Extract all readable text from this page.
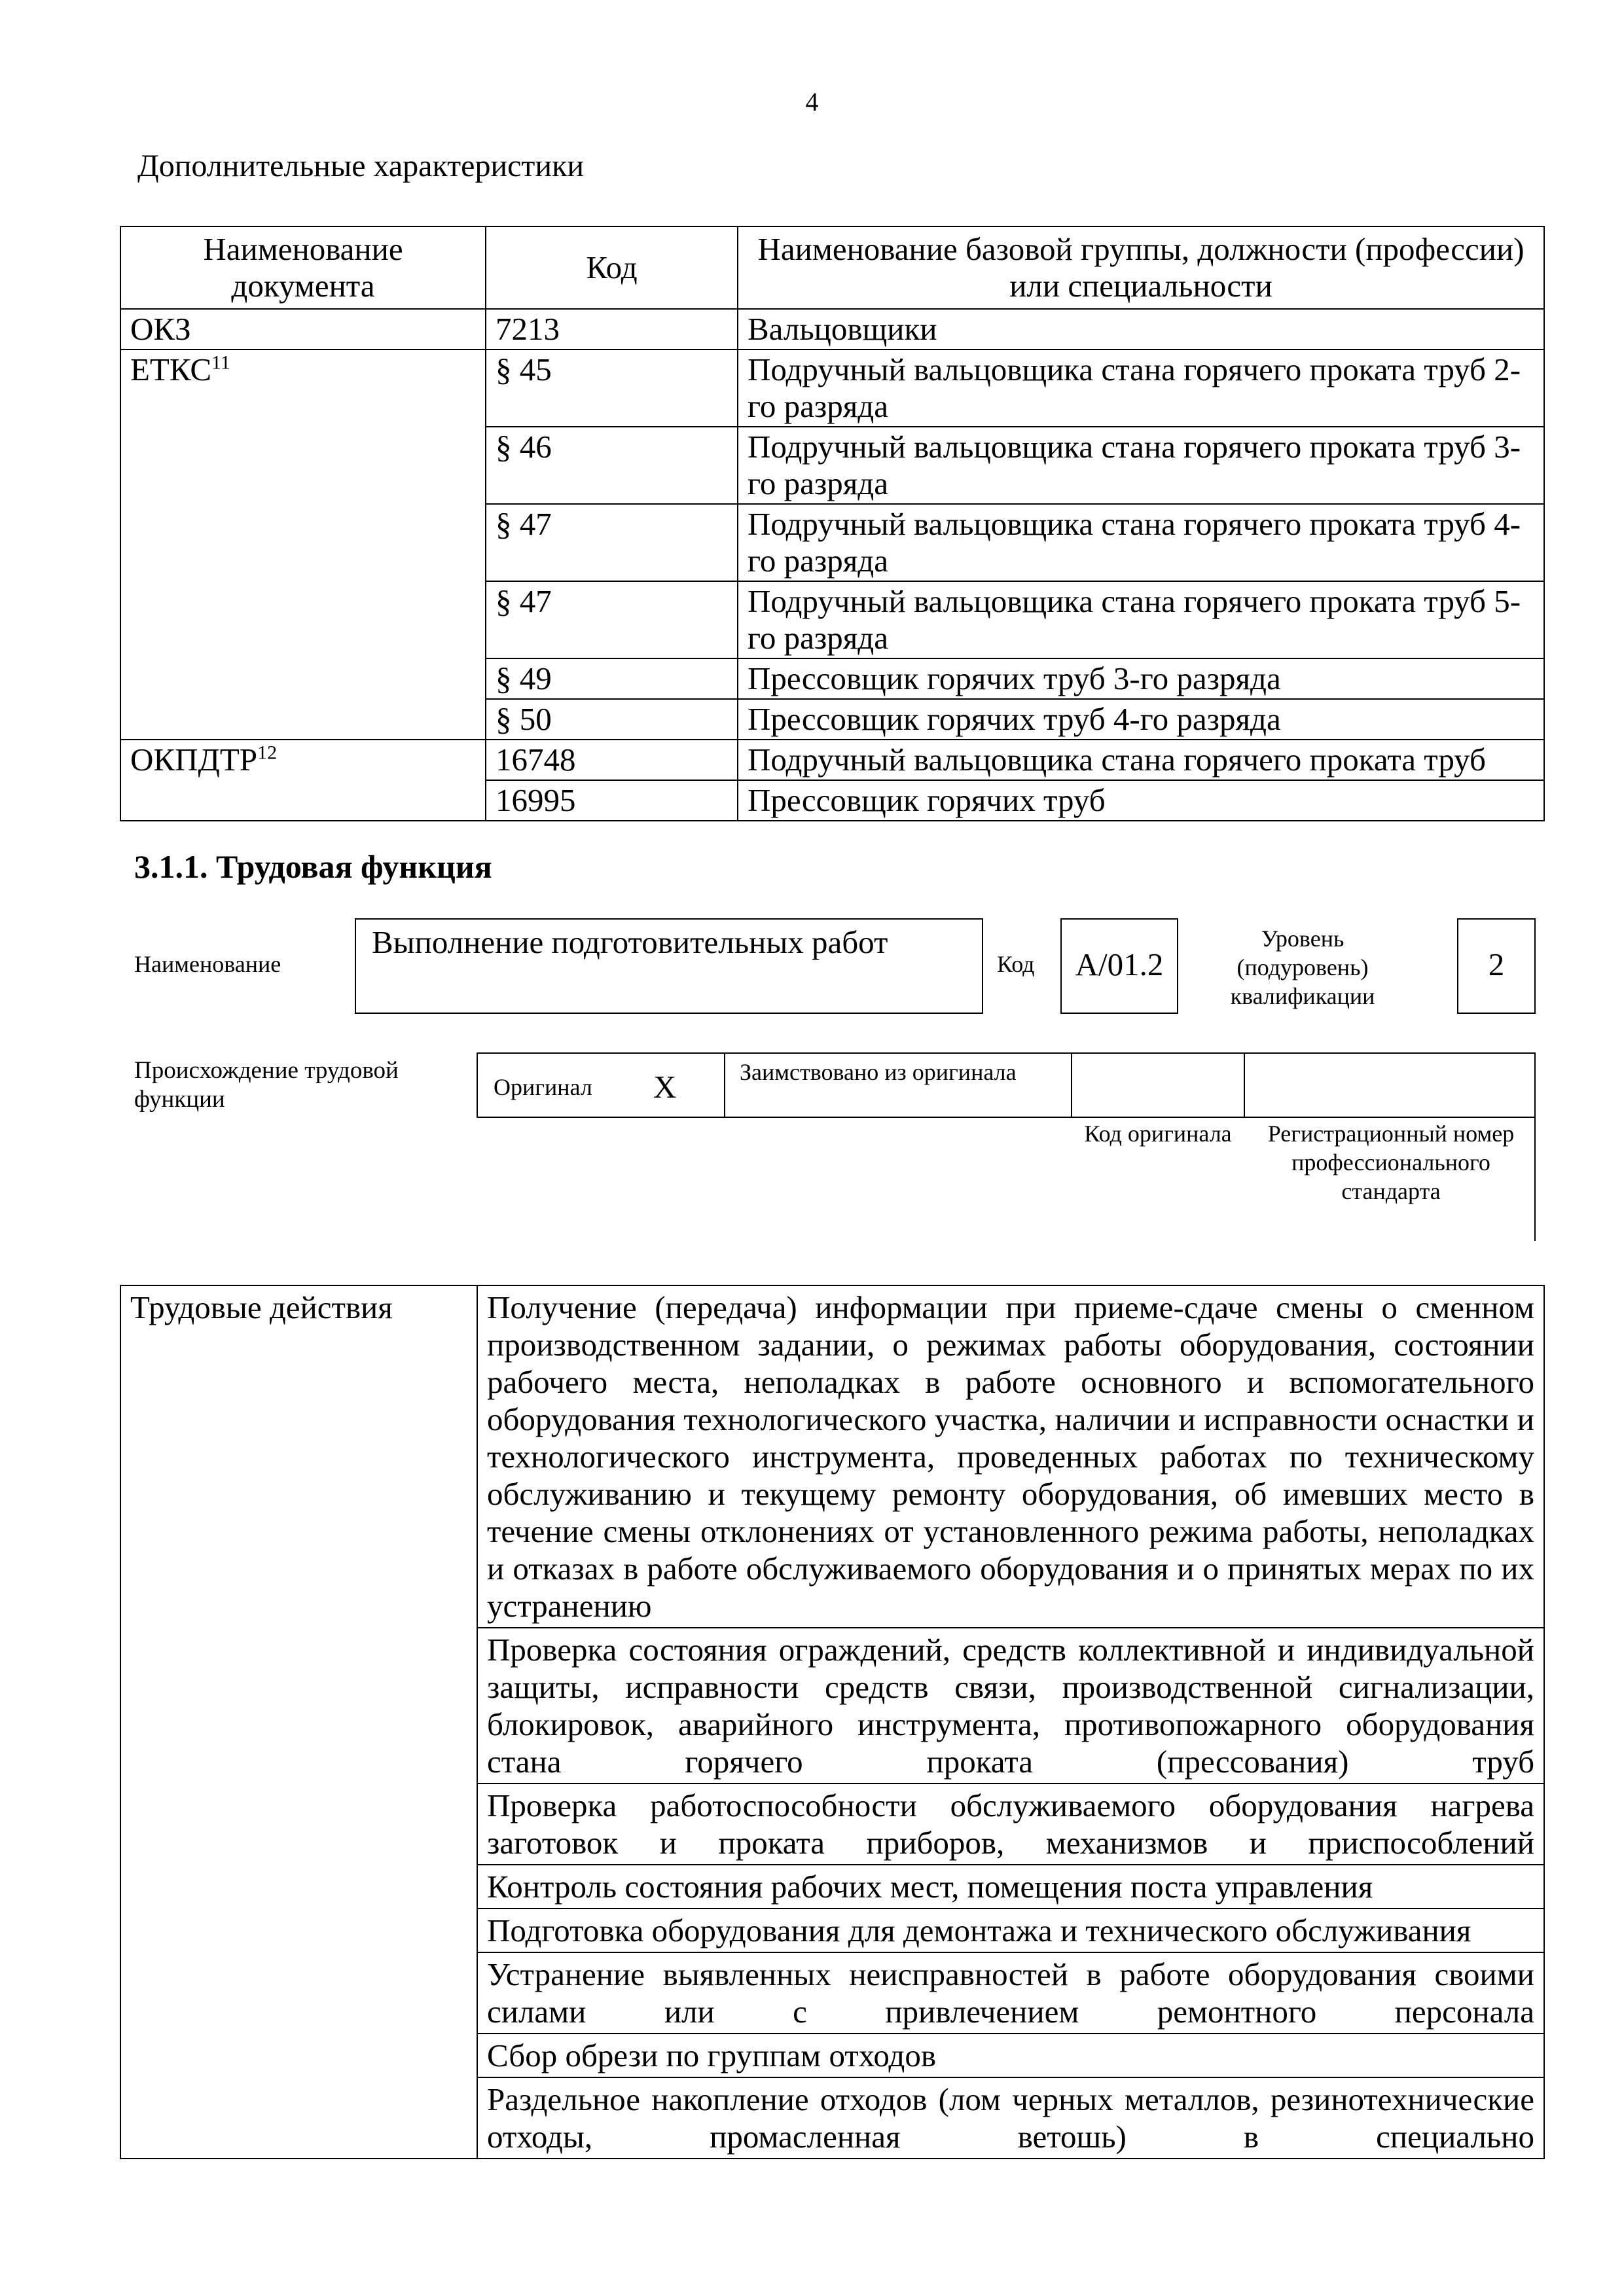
4
Дополнительные характеристики
Наименование документа	Код	Наименование базовой группы, должности (профессии) или специальности
ОКЗ	7213	Вальцовщики
ЕТКС$^{11}$	§ 45	Подручный вальцовщика стана горячего проката труб 2-го разряда
	§ 46	Подручный вальцовщика стана горячего проката труб 3-го разряда
	§ 47	Подручный вальцовщика стана горячего проката труб 4-го разряда
	§ 47	Подручный вальцовщика стана горячего проката труб 5-го разряда
	§ 49	Прессовщик горячих труб 3-го разряда
	§ 50	Прессовщик горячих труб 4-го разряда
ОКПДТР$^{12}$	16748	Подручный вальцовщика стана горячего проката труб
	16995	Прессовщик горячих труб
3.1.1. Трудовая функция
Наименование
Выполнение подготовительных работ
Код	A/01.2
Уровень (подуровень) квалификации
2
Происхождение трудовой функции	Оригинал X	Заимствовано из оригинала
Код оригинала	Регистрационный номер профессионального стандарта
Трудовые действия	Получение (передача) информации при приеме-сдаче смены о сменном производственном задании, о режимах работы оборудования, состоянии рабочего места, неполадках в работе основного и вспомогательного оборудования технологического участка, наличии и исправности оснастки и технологического инструмента, проведенных работах по техническому обслуживанию и текущему ремонту оборудования, об имевших место в течение смены отклонениях от установленного режима работы, неполадках и отказах в работе обслуживаемого оборудования и о принятых мерах по их устранению
Проверка состояния ограждений, средств коллективной и индивидуальной защиты, исправности средств связи, производственной сигнализации, блокировок, аварийного инструмента, противопожарного оборудования стана горячего проката (прессования) труб
Проверка работоспособности обслуживаемого оборудования нагрева заготовок и проката приборов, механизмов и приспособлений
Контроль состояния рабочих мест, помещения поста управления
Подготовка оборудования для демонтажа и технического обслуживания
Устранение выявленных неисправностей в работе оборудования своими силами или с привлечением ремонтного персонала
Сбор обрези по группам отходов
Раздельное накопление отходов (лом черных металлов, резинотехнические отходы, промасленная ветошь) в специально
